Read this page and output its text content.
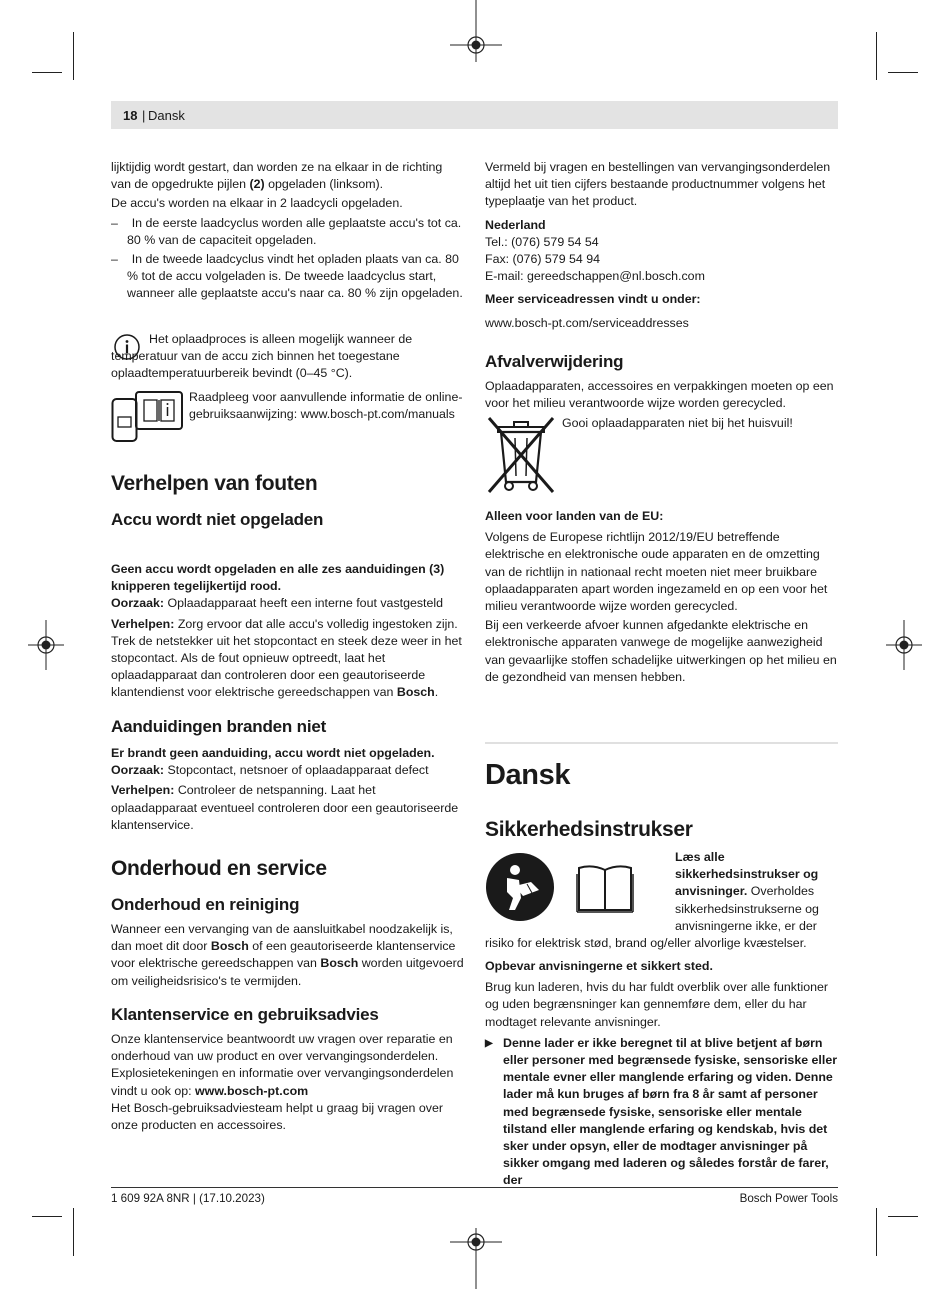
18 | Dansk

lijktijdig wordt gestart, dan worden ze na elkaar in de richting van de opgedrukte pijlen (2) opgeladen (linksom).

De accu's worden na elkaar in 2 laadcycli opgeladen.

– In de eerste laadcyclus worden alle geplaatste accu's tot ca. 80 % van de capaciteit opgeladen.

– In de tweede laadcyclus vindt het opladen plaats van ca. 80 % tot de accu volgeladen is. De tweede laadcyclus start, wanneer alle geplaatste accu's naar ca. 80 % zijn opgeladen.

Het oplaadproces is alleen mogelijk wanneer de temperatuur van de accu zich binnen het toegestane oplaadtemperatuurbereik bevindt (0–45 °C).

Raadpleeg voor aanvullende informatie de online-gebruiksaanwijzing: www.bosch-pt.com/manuals
Verhelpen van fouten
Accu wordt niet opgeladen

Geen accu wordt opgeladen en alle zes aanduidingen (3) knipperen tegelijkertijd rood.

Oorzaak: Oplaadapparaat heeft een interne fout vastgesteld

Verhelpen: Zorg ervoor dat alle accu's volledig ingestoken zijn. Trek de netstekker uit het stopcontact en steek deze weer in het stopcontact. Als de fout opnieuw optreedt, laat het oplaadapparaat dan controleren door een geautoriseerde klantendienst voor elektrische gereedschappen van Bosch.

Aanduidingen branden niet

Er brandt geen aanduiding, accu wordt niet opgeladen.

Oorzaak: Stopcontact, netsnoer of oplaadapparaat defect

Verhelpen: Controleer de netspanning. Laat het oplaadapparaat eventueel controleren door een geautoriseerde klantenservice.

Onderhoud en service
Onderhoud en reiniging

Wanneer een vervanging van de aansluitkabel noodzakelijk is, dan moet dit door Bosch of een geautoriseerde klantenservice voor elektrische gereedschappen van Bosch worden uitgevoerd om veiligheidsrisico's te vermijden.

Klantenservice en gebruiksadvies

Onze klantenservice beantwoordt uw vragen over reparatie en onderhoud van uw product en over vervangingsonderdelen. Explosietekeningen en informatie over vervangingsonderdelen vindt u ook op: www.bosch-pt.com

Het Bosch-gebruiksadviesteam helpt u graag bij vragen over onze producten en accessoires.

Vermeld bij vragen en bestellingen van vervangingsonderdelen altijd het uit tien cijfers bestaande productnummer volgens het typeplaatje van het product.

Nederland

Tel.: (076) 579 54 54

Fax: (076) 579 54 94

E-mail: gereedschappen@nl.bosch.com

Meer serviceadressen vindt u onder:

www.bosch-pt.com/serviceaddresses

Afvalverwijdering
Oplaadapparaten, accessoires en verpakkingen moeten op een voor het milieu verantwoorde wijze worden gerecycled.
Gooi oplaadapparaten niet bij het huisvuil!

Alleen voor landen van de EU:

Volgens de Europese richtlijn 2012/19/EU betreffende elektrische en elektronische oude apparaten en de omzetting van de richtlijn in nationaal recht moeten niet meer bruikbare oplaadapparaten apart worden ingezameld en op een voor het milieu verantwoorde wijze worden gerecycled.

Bij een verkeerde afvoer kunnen afgedankte elektrische en elektronische apparaten vanwege de mogelijke aanwezigheid van gevaarlijke stoffen schadelijke uitwerkingen op het milieu en de gezondheid van mensen hebben.

Dansk
Sikkerhedsinstrukser

Læs alle sikkerhedsinstrukser og anvisninger. Overholdes sikkerhedsinstrukserne og anvisningerne ikke, er der risiko for elektrisk stød, brand og/eller alvorlige kvæstelser.

Opbevar anvisningerne et sikkert sted.

Brug kun laderen, hvis du har fuldt overblik over alle funktioner og uden begrænsninger kan gennemføre dem, eller du har modtaget relevante anvisninger.

▶ Denne lader er ikke beregnet til at blive betjent af børn eller personer med begrænsede fysiske, sensoriske eller mentale evner eller manglende erfaring og viden. Denne lader må kun bruges af børn fra 8 år samt af personer med begrænsede fysiske, sensoriske eller mentale tilstand eller manglende erfaring og kendskab, hvis det sker under opsyn, eller de modtager anvisninger på sikker omgang med laderen og således forstår de farer, der

1 609 92A 8NR | (17.10.2023)	Bosch Power Tools
